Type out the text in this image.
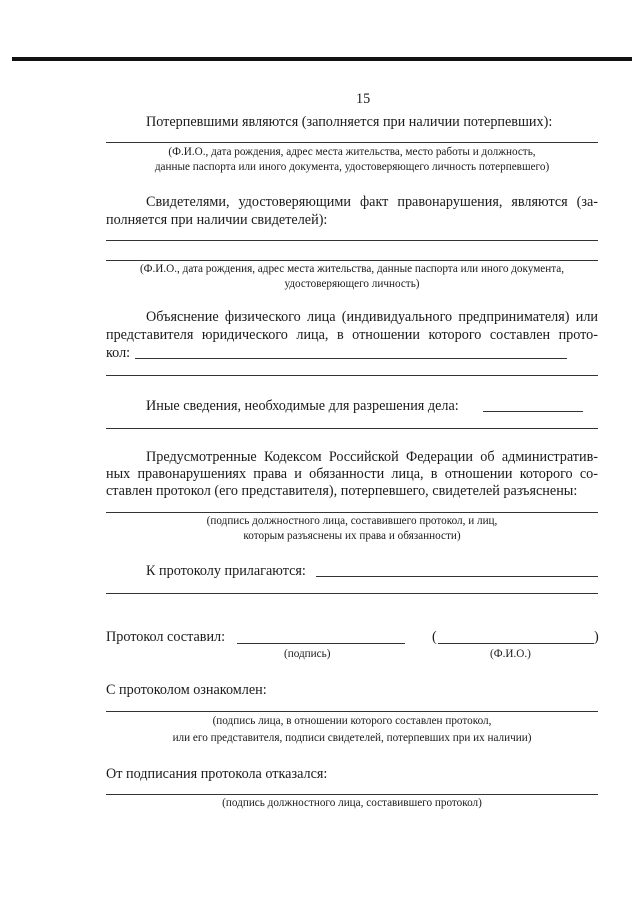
15
Потерпевшими являются (заполняется при наличии потерпевших):
(Ф.И.О., дата рождения, адрес места жительства, место работы и должность,
данные паспорта или иного документа, удостоверяющего личность потерпевшего)
Свидетелями, удостоверяющими факт правонарушения, являются (за-
полняется при наличии свидетелей):
(Ф.И.О., дата рождения, адрес места жительства, данные паспорта или иного документа,
удостоверяющего личность)
Объяснение физического лица (индивидуального предпринимателя) или
представителя юридического лица, в отношении которого составлен прото-
кол:
Иные сведения, необходимые для разрешения дела:
Предусмотренные Кодексом Российской Федерации об административ-
ных правонарушениях права и обязанности лица, в отношении которого со-
ставлен протокол (его представителя), потерпевшего, свидетелей разъяснены:
(подпись должностного лица, составившего протокол, и лиц,
которым разъяснены их права и обязанности)
К протоколу прилагаются:
Протокол составил:	(	)
(подпись)	(Ф.И.О.)
С протоколом ознакомлен:
(подпись лица, в отношении которого составлен протокол,
или его представителя, подписи свидетелей, потерпевших при их наличии)
От подписания протокола отказался:
(подпись должностного лица, составившего протокол)
